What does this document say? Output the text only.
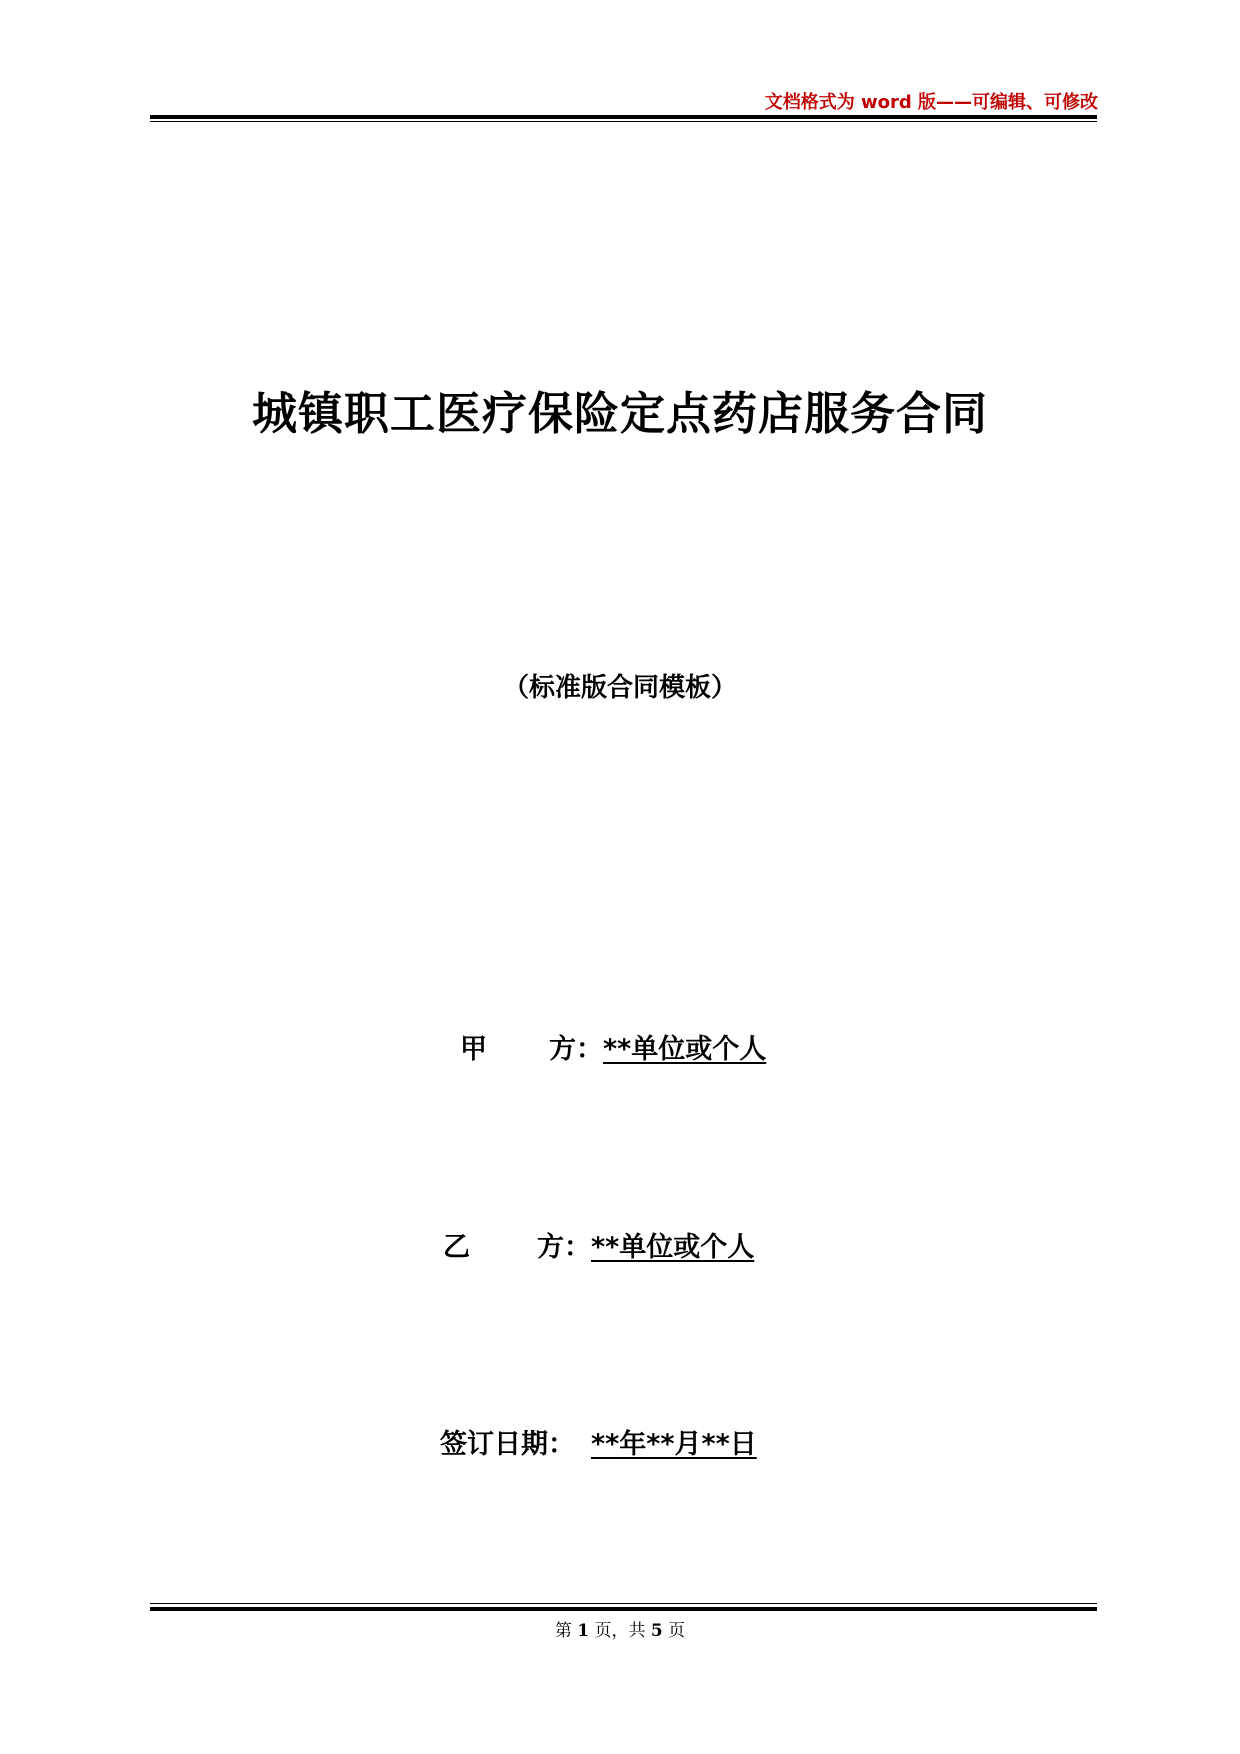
文档格式为 word 版——可编辑、可修改
城镇职工医疗保险定点药店服务合同
（标准版合同模板）
甲 方：**单位或个人
乙 方：**单位或个人
签订日期： **年**月**日
第 1 页，共 5 页
